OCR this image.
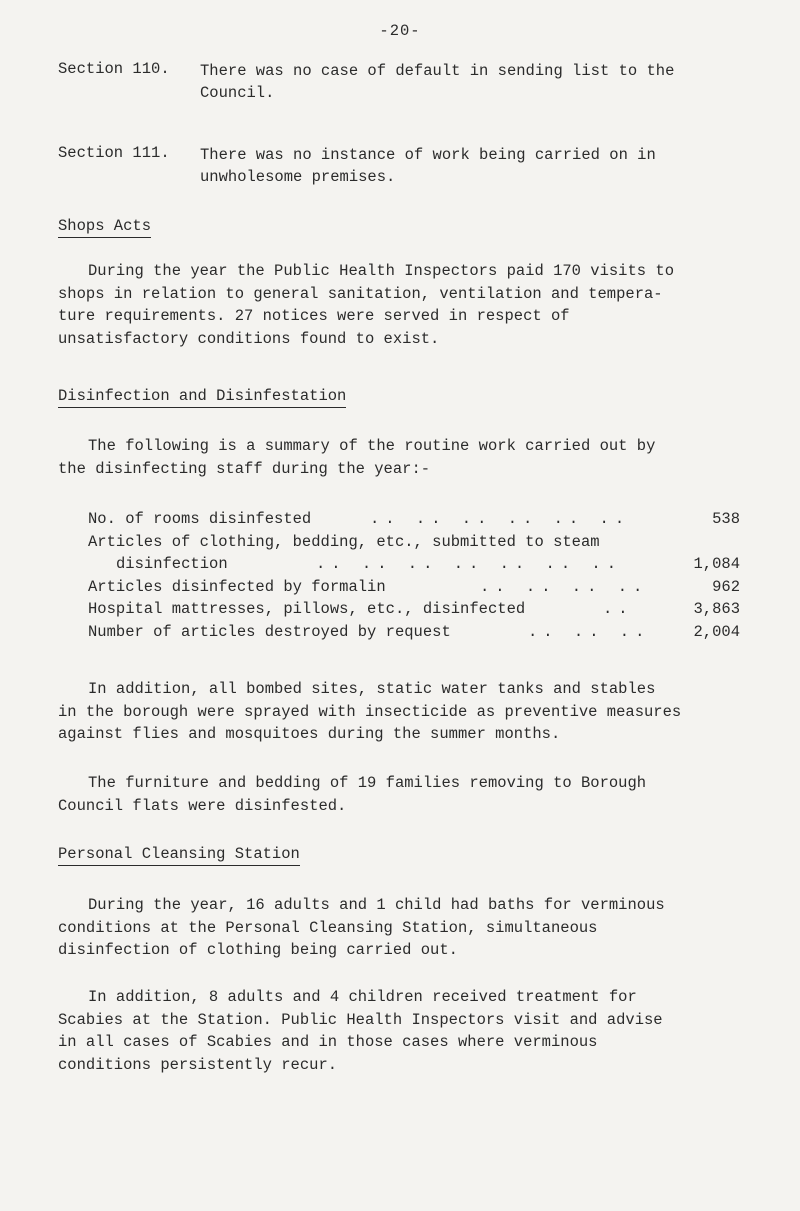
-20-
Section 110. There was no case of default in sending list to the
Council.
Section 111. There was no instance of work being carried on in
unwholesome premises.
Shops Acts
During the year the Public Health Inspectors paid 170 visits to
shops in relation to general sanitation, ventilation and tempera-
ture requirements. 27 notices were served in respect of
unsatisfactory conditions found to exist.
Disinfection and Disinfestation
The following is a summary of the routine work carried out by
the disinfecting staff during the year:-
No. of rooms disinfested	.. .. .. .. .. ..	538
Articles of clothing, bedding, etc., submitted to steam
disinfection	.. .. .. .. .. .. ..	1,084
Articles disinfected by formalin	.. .. .. ..	962
Hospital mattresses, pillows, etc., disinfected	..	3,863
Number of articles destroyed by request	.. .. ..	2,004
In addition, all bombed sites, static water tanks and stables
in the borough were sprayed with insecticide as preventive measures
against flies and mosquitoes during the summer months.
The furniture and bedding of 19 families removing to Borough
Council flats were disinfested.
Personal Cleansing Station
During the year, 16 adults and 1 child had baths for verminous
conditions at the Personal Cleansing Station, simultaneous
disinfection of clothing being carried out.
In addition, 8 adults and 4 children received treatment for
Scabies at the Station. Public Health Inspectors visit and advise
in all cases of Scabies and in those cases where verminous
conditions persistently recur.
